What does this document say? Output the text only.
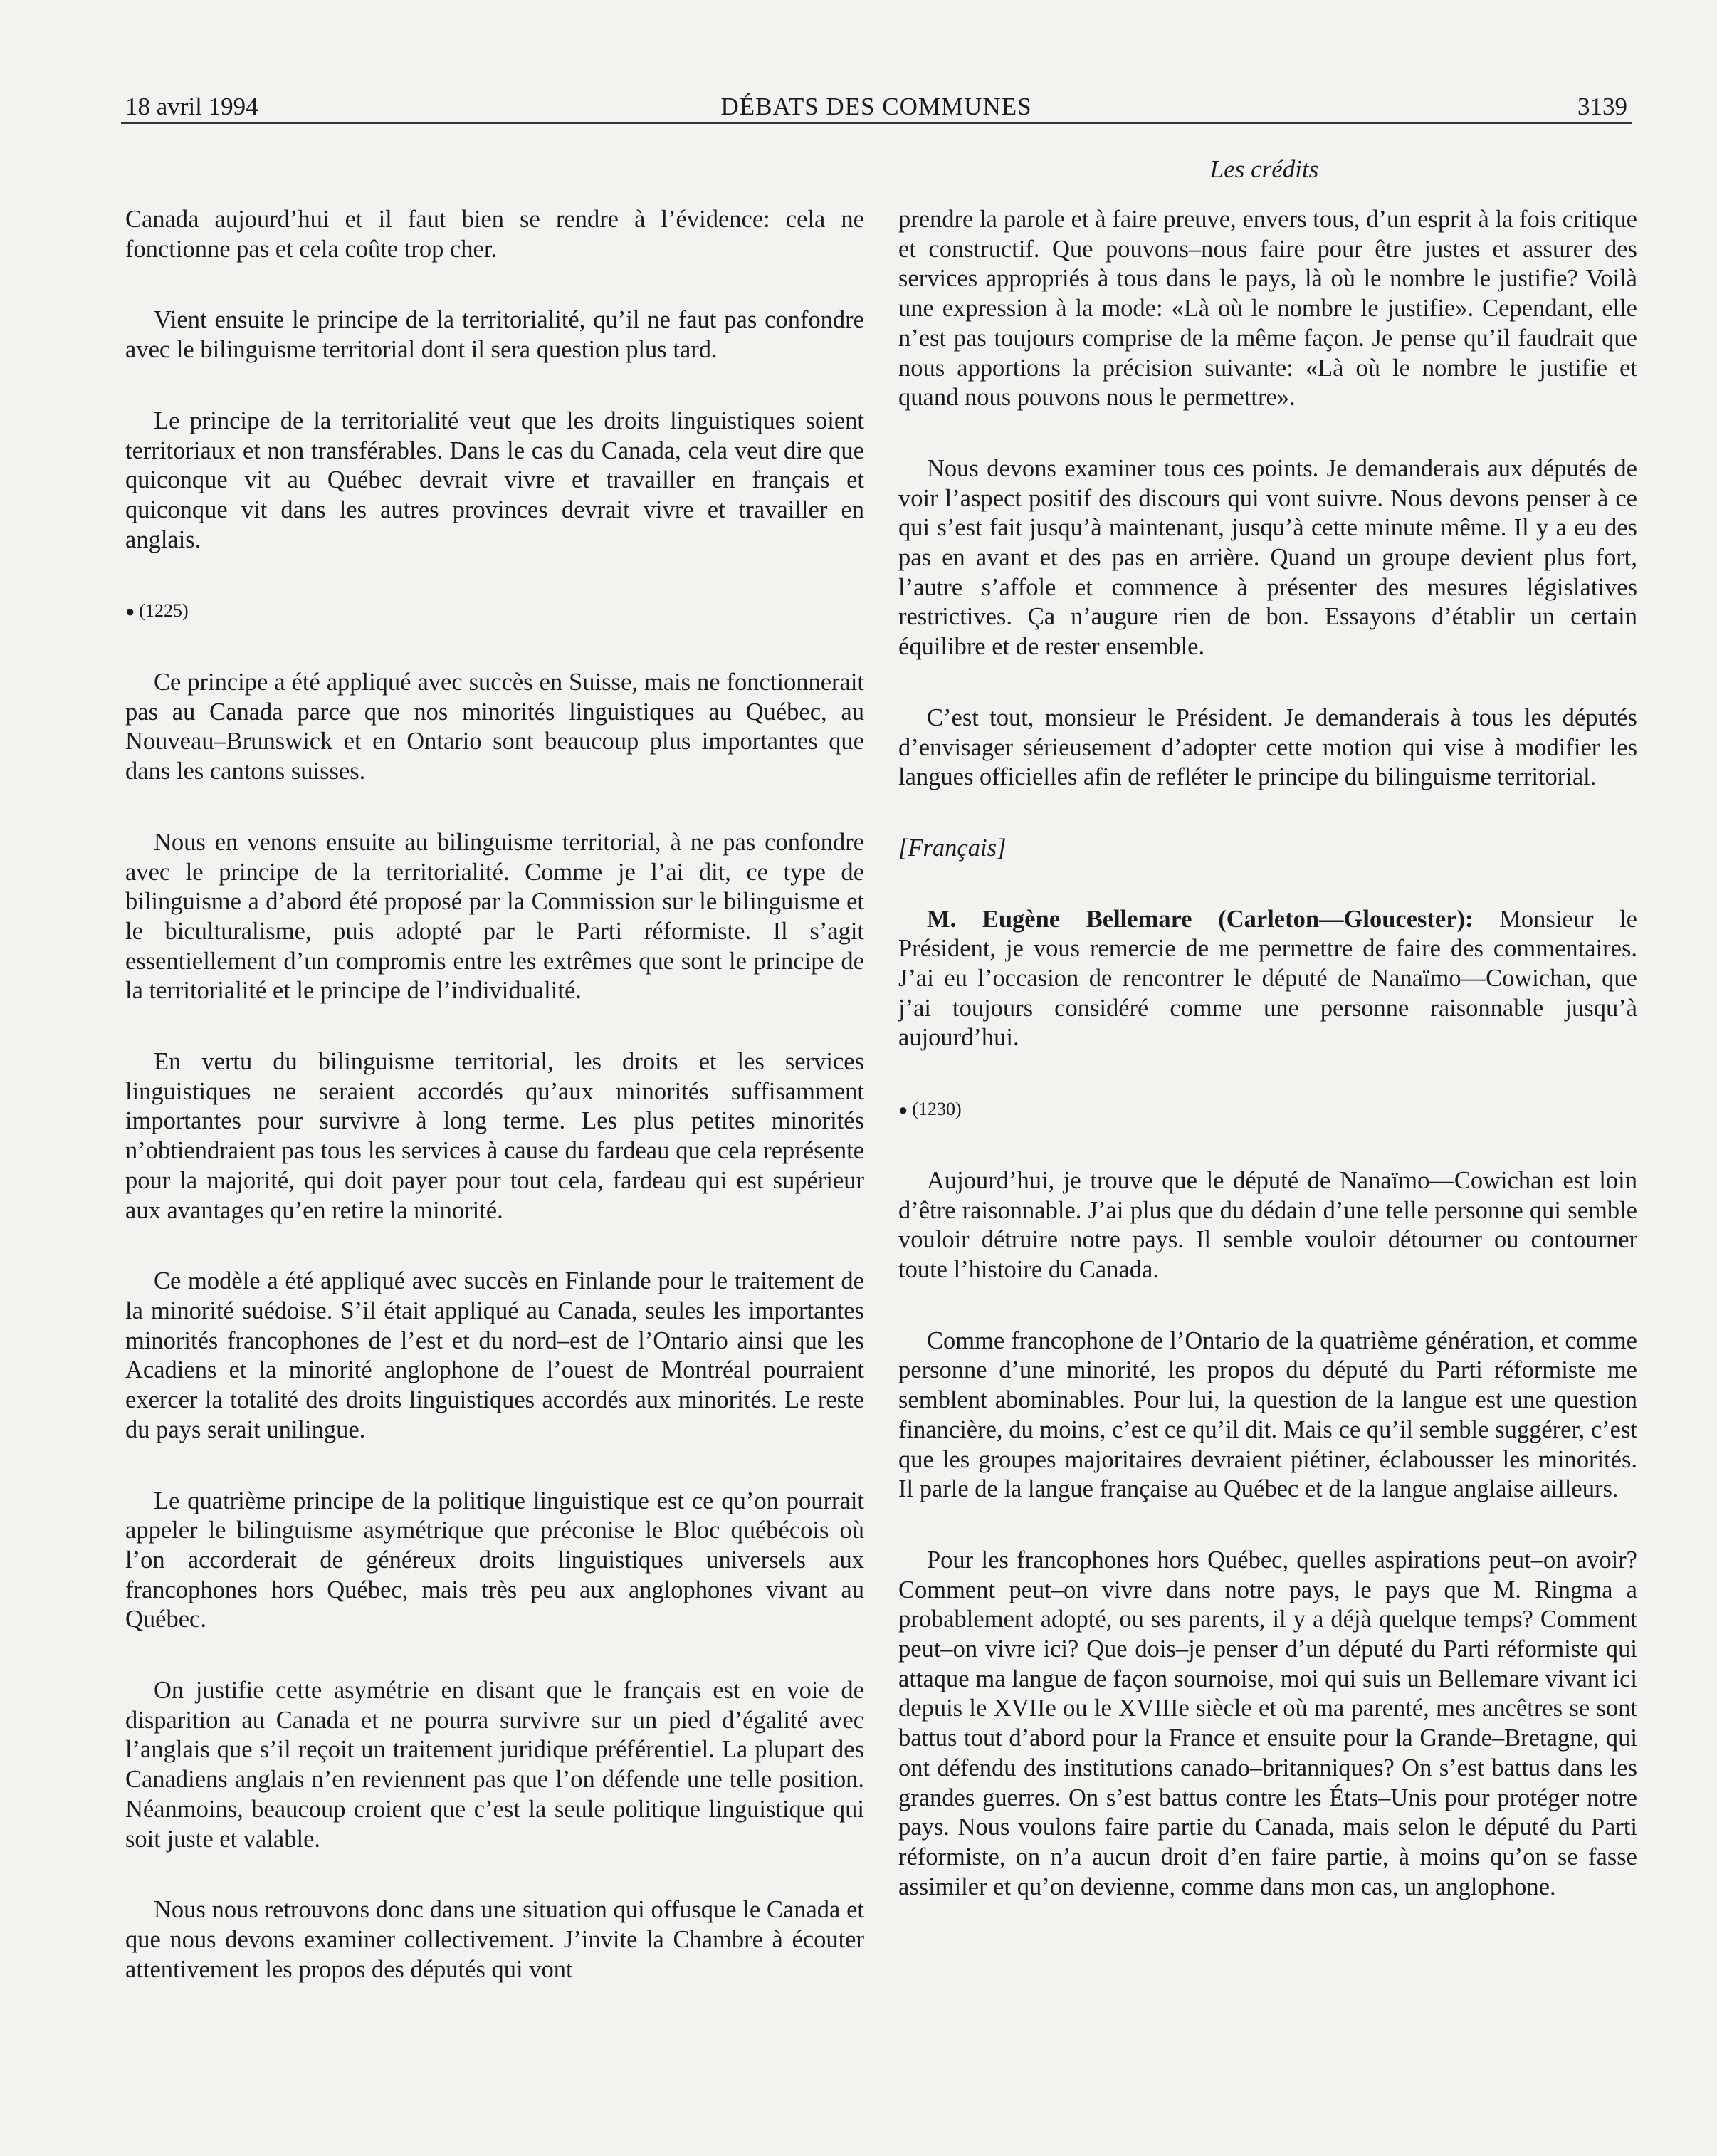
18 avril 1994	DÉBATS DES COMMUNES	3139
Les crédits

Canada aujourd’hui et il faut bien se rendre à l’évidence: cela ne fonctionne pas et cela coûte trop cher.

Vient ensuite le principe de la territorialité, qu’il ne faut pas confondre avec le bilinguisme territorial dont il sera question plus tard.

Le principe de la territorialité veut que les droits linguistiques soient territoriaux et non transférables. Dans le cas du Canada, cela veut dire que quiconque vit au Québec devrait vivre et travailler en français et quiconque vit dans les autres provinces devrait vivre et travailler en anglais.

● (1225)

Ce principe a été appliqué avec succès en Suisse, mais ne fonctionnerait pas au Canada parce que nos minorités linguistiques au Québec, au Nouveau–Brunswick et en Ontario sont beaucoup plus importantes que dans les cantons suisses.

Nous en venons ensuite au bilinguisme territorial, à ne pas confondre avec le principe de la territorialité. Comme je l’ai dit, ce type de bilinguisme a d’abord été proposé par la Commission sur le bilinguisme et le biculturalisme, puis adopté par le Parti réformiste. Il s’agit essentiellement d’un compromis entre les extrêmes que sont le principe de la territorialité et le principe de l’individualité.

En vertu du bilinguisme territorial, les droits et les services linguistiques ne seraient accordés qu’aux minorités suffisamment importantes pour survivre à long terme. Les plus petites minorités n’obtiendraient pas tous les services à cause du fardeau que cela représente pour la majorité, qui doit payer pour tout cela, fardeau qui est supérieur aux avantages qu’en retire la minorité.

Ce modèle a été appliqué avec succès en Finlande pour le traitement de la minorité suédoise. S’il était appliqué au Canada, seules les importantes minorités francophones de l’est et du nord–est de l’Ontario ainsi que les Acadiens et la minorité anglophone de l’ouest de Montréal pourraient exercer la totalité des droits linguistiques accordés aux minorités. Le reste du pays serait unilingue.

Le quatrième principe de la politique linguistique est ce qu’on pourrait appeler le bilinguisme asymétrique que préconise le Bloc québécois où l’on accorderait de généreux droits linguistiques universels aux francophones hors Québec, mais très peu aux anglophones vivant au Québec.

On justifie cette asymétrie en disant que le français est en voie de disparition au Canada et ne pourra survivre sur un pied d’égalité avec l’anglais que s’il reçoit un traitement juridique préférentiel. La plupart des Canadiens anglais n’en reviennent pas que l’on défende une telle position. Néanmoins, beaucoup croient que c’est la seule politique linguistique qui soit juste et valable.

Nous nous retrouvons donc dans une situation qui offusque le Canada et que nous devons examiner collectivement. J’invite la Chambre à écouter attentivement les propos des députés qui vont

prendre la parole et à faire preuve, envers tous, d’un esprit à la fois critique et constructif. Que pouvons–nous faire pour être justes et assurer des services appropriés à tous dans le pays, là où le nombre le justifie? Voilà une expression à la mode: «Là où le nombre le justifie». Cependant, elle n’est pas toujours comprise de la même façon. Je pense qu’il faudrait que nous apportions la précision suivante: «Là où le nombre le justifie et quand nous pouvons nous le permettre».

Nous devons examiner tous ces points. Je demanderais aux députés de voir l’aspect positif des discours qui vont suivre. Nous devons penser à ce qui s’est fait jusqu’à maintenant, jusqu’à cette minute même. Il y a eu des pas en avant et des pas en arrière. Quand un groupe devient plus fort, l’autre s’affole et commence à présenter des mesures législatives restrictives. Ça n’augure rien de bon. Essayons d’établir un certain équilibre et de rester ensemble.

C’est tout, monsieur le Président. Je demanderais à tous les députés d’envisager sérieusement d’adopter cette motion qui vise à modifier les langues officielles afin de refléter le principe du bilinguisme territorial.

[Français]

M. Eugène Bellemare (Carleton—Gloucester): Monsieur le Président, je vous remercie de me permettre de faire des commentaires. J’ai eu l’occasion de rencontrer le député de Nanaïmo—Cowichan, que j’ai toujours considéré comme une personne raisonnable jusqu’à aujourd’hui.

● (1230)

Aujourd’hui, je trouve que le député de Nanaïmo—Cowichan est loin d’être raisonnable. J’ai plus que du dédain d’une telle personne qui semble vouloir détruire notre pays. Il semble vouloir détourner ou contourner toute l’histoire du Canada.

Comme francophone de l’Ontario de la quatrième génération, et comme personne d’une minorité, les propos du député du Parti réformiste me semblent abominables. Pour lui, la question de la langue est une question financière, du moins, c’est ce qu’il dit. Mais ce qu’il semble suggérer, c’est que les groupes majoritaires devraient piétiner, éclabousser les minorités. Il parle de la langue française au Québec et de la langue anglaise ailleurs.

Pour les francophones hors Québec, quelles aspirations peut–on avoir? Comment peut–on vivre dans notre pays, le pays que M. Ringma a probablement adopté, ou ses parents, il y a déjà quelque temps? Comment peut–on vivre ici? Que dois–je penser d’un député du Parti réformiste qui attaque ma langue de façon sournoise, moi qui suis un Bellemare vivant ici depuis le XVIIe ou le XVIIIe siècle et où ma parenté, mes ancêtres se sont battus tout d’abord pour la France et ensuite pour la Grande–Bretagne, qui ont défendu des institutions canado–britanniques? On s’est battus dans les grandes guerres. On s’est battus contre les États–Unis pour protéger notre pays. Nous voulons faire partie du Canada, mais selon le député du Parti réformiste, on n’a aucun droit d’en faire partie, à moins qu’on se fasse assimiler et qu’on devienne, comme dans mon cas, un anglophone.
